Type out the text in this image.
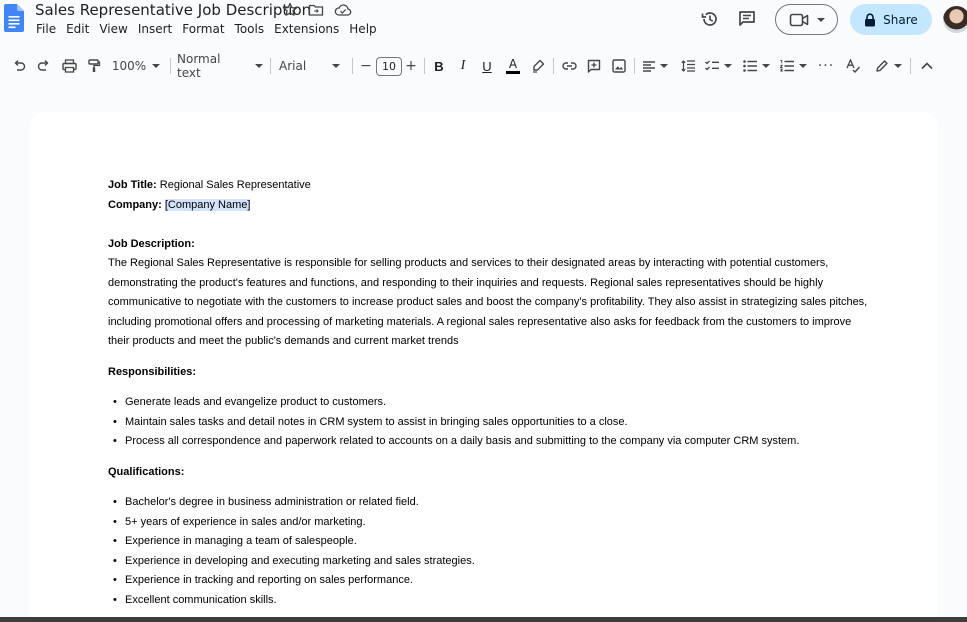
Sales Representative Job Description
File Edit View Insert Format Tools Extensions Help
Share
100%	Normal text	Arial	− 10 + B	I	U A	···

Job Title: Regional Sales Representative

Company: [Company Name]

Job Description:

The Regional Sales Representative is responsible for selling products and services to their designated areas by interacting with potential customers, demonstrating the product's features and functions, and responding to their inquiries and requests. Regional sales representatives should be highly communicative to negotiate with the customers to increase product sales and boost the company's profitability. They also assist in strategizing sales pitches, including promotional offers and processing of marketing materials. A regional sales representative also asks for feedback from the customers to improve their products and meet the public's demands and current market trends

Responsibilities:

• Generate leads and evangelize product to customers.
• Maintain sales tasks and detail notes in CRM system to assist in bringing sales opportunities to a close.
• Process all correspondence and paperwork related to accounts on a daily basis and submitting to the company via computer CRM system.

Qualifications:

• Bachelor's degree in business administration or related field.
• 5+ years of experience in sales and/or marketing.
• Experience in managing a team of salespeople.
• Experience in developing and executing marketing and sales strategies.
• Experience in tracking and reporting on sales performance.
• Excellent communication skills.
